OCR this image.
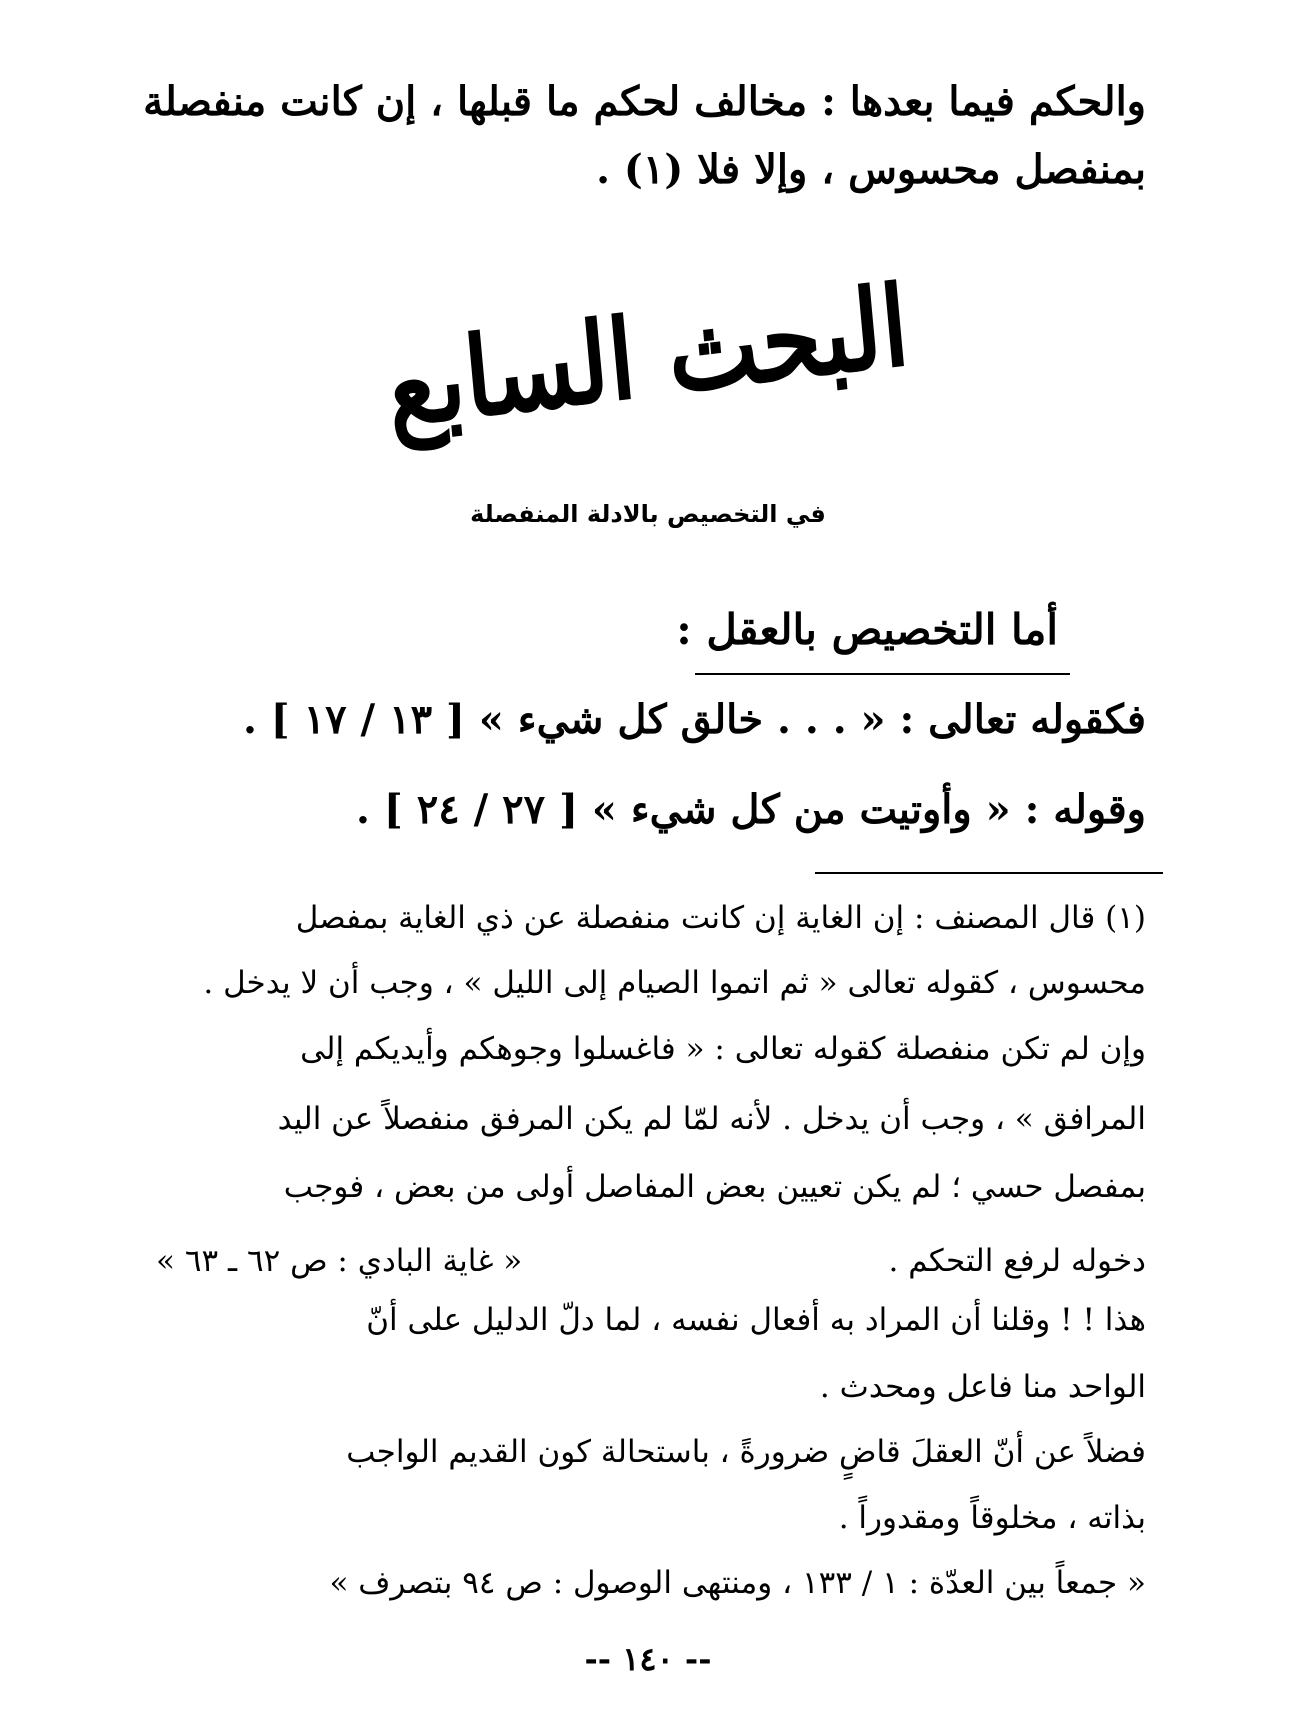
والحكم فيما بعدها : مخالف لحكم ما قبلها ، إن كانت منفصلة
بمنفصل محسوس ، وإلا فلا (١) .
البحث السابع
في التخصيص بالادلة المنفصلة
أما التخصيص بالعقل :
فكقوله تعالى : « . . . خالق كل شيء » [ ١٣ / ١٧ ] .
وقوله : « وأوتيت من كل شيء » [ ٢٧ / ٢٤ ] .
(١) قال المصنف : إن الغاية إن كانت منفصلة عن ذي الغاية بمفصل
محسوس ، كقوله تعالى « ثم اتموا الصيام إلى الليل » ، وجب أن لا يدخل .
وإن لم تكن منفصلة كقوله تعالى : « فاغسلوا وجوهكم وأيديكم إلى
المرافق » ، وجب أن يدخل . لأنه لمّا لم يكن المرفق منفصلاً عن اليد
بمفصل حسي ؛ لم يكن تعيين بعض المفاصل أولى من بعض ، فوجب
دخوله لرفع التحكم .
« غاية البادي : ص ٦٢ ـ ٦٣ »
هذا ! ! وقلنا أن المراد به أفعال نفسه ، لما دلّ الدليل على أنّ
الواحد منا فاعل ومحدث .
فضلاً عن أنّ العقلَ قاضٍ ضرورةً ، باستحالة كون القديم الواجب
بذاته ، مخلوقاً ومقدوراً .
« جمعاً بين العدّة : ١ / ١٣٣ ، ومنتهى الوصول : ص ٩٤ بتصرف »
-- ١٤٠ --
